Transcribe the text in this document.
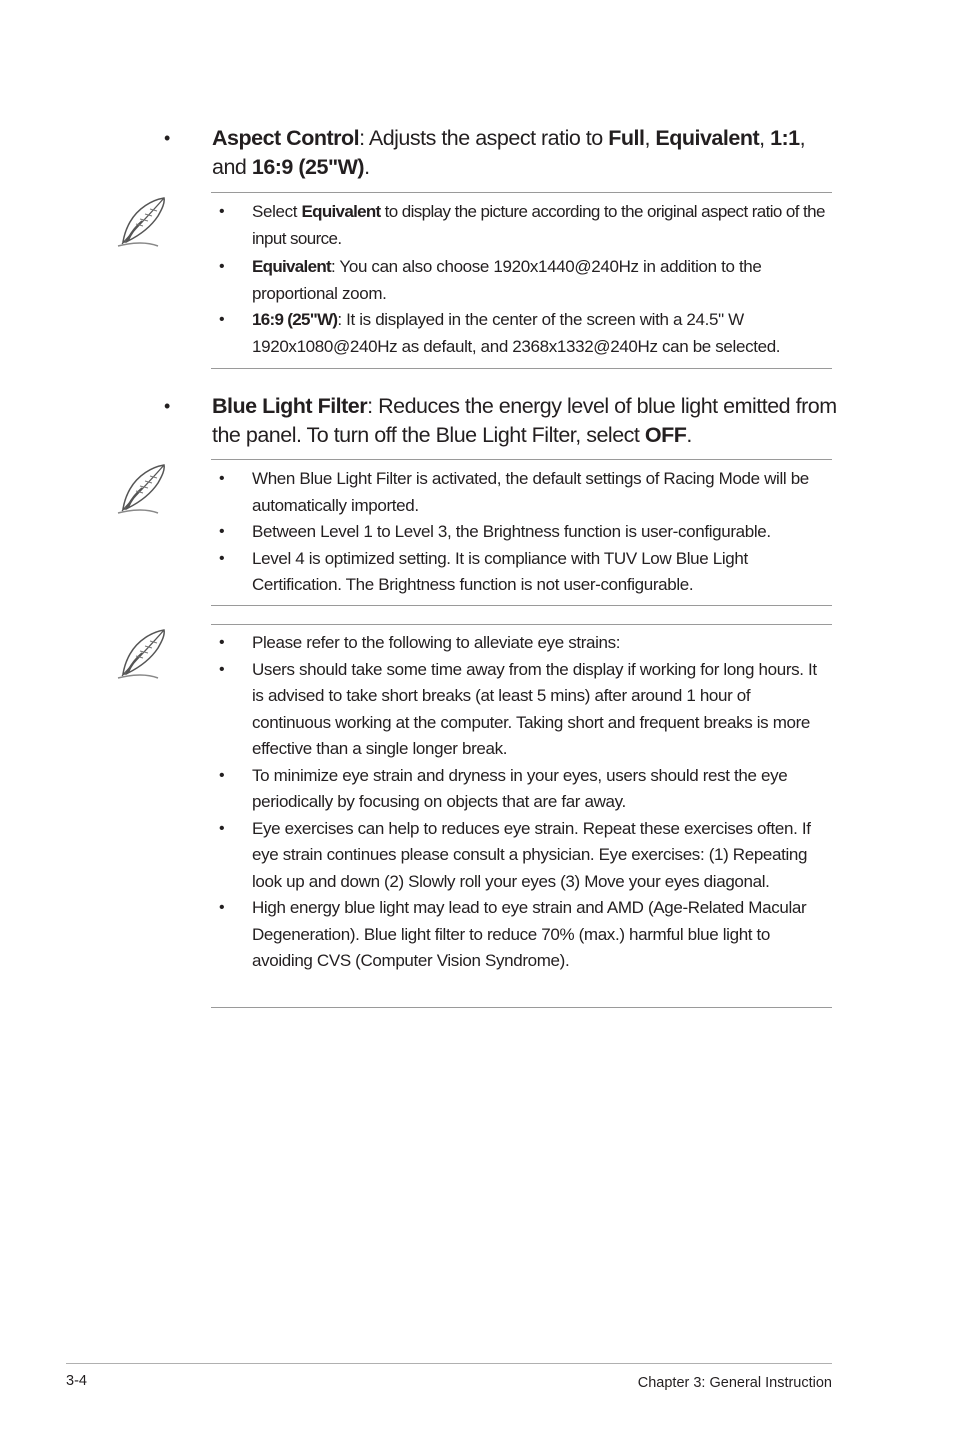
• Aspect Control: Adjusts the aspect ratio to Full, Equivalent, 1:1, and 16:9 (25"W).
• Select Equivalent to display the picture according to the original aspect ratio of the input source.
• Equivalent: You can also choose 1920x1440@240Hz in addition to the proportional zoom.
• 16:9 (25"W): It is displayed in the center of the screen with a 24.5" W 1920x1080@240Hz as default, and 2368x1332@240Hz can be selected.
• Blue Light Filter: Reduces the energy level of blue light emitted from the panel. To turn off the Blue Light Filter, select OFF.
• When Blue Light Filter is activated, the default settings of Racing Mode will be automatically imported.
• Between Level 1 to Level 3, the Brightness function is user-configurable.
• Level 4 is optimized setting. It is compliance with TUV Low Blue Light Certification. The Brightness function is not user-configurable.
• Please refer to the following to alleviate eye strains:
• Users should take some time away from the display if working for long hours. It is advised to take short breaks (at least 5 mins) after around 1 hour of continuous working at the computer. Taking short and frequent breaks is more effective than a single longer break.
• To minimize eye strain and dryness in your eyes, users should rest the eye periodically by focusing on objects that are far away.
• Eye exercises can help to reduces eye strain. Repeat these exercises often. If eye strain continues please consult a physician. Eye exercises: (1) Repeating look up and down (2) Slowly roll your eyes (3) Move your eyes diagonal.
• High energy blue light may lead to eye strain and AMD (Age-Related Macular Degeneration). Blue light filter to reduce 70% (max.) harmful blue light to avoiding CVS (Computer Vision Syndrome).
3-4	Chapter 3: General Instruction
